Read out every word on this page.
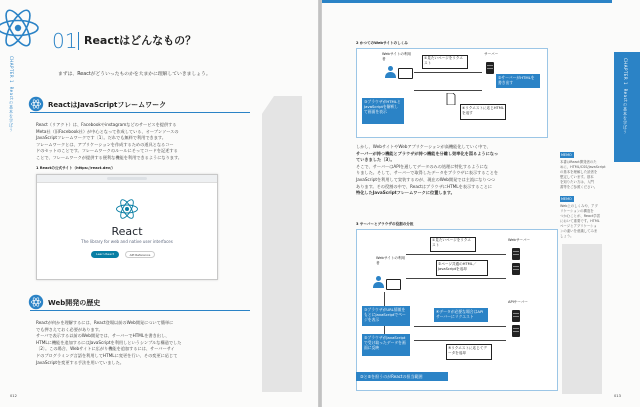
CHAPTER 1  Reactの基本を学ぼう
01 Reactはどんなもの？
まずは、Reactがどういったものかを大まかに理解していきましょう。
ReactはJavaScriptフレームワーク
React（リアクト）は、Facebookやinstagramなどのサービスを提供する
Meta社（旧Facebook社）が中心となって作成している、オープンソースの
JavaScriptフレームワークです〔1〕。だれでも無料で利用できます。
フレームワークとは、アプリケーションを作成するための道具となるコー
ドのセットのことです。フレームワークのルールにそってコードを記述する
ことで、フレームワークが提供する便利な機能を利用できるようになります。
1 Reactの公式サイト（https://react.dev/）
React
The library for web and native user interfaces
Learn React	API Reference
Web開発の歴史
Reactが何かを理解するには、React登場以前のWeb開発について簡単に
でも押さえておく必要があります。
サーバで表示する以前のWeb開発では、サーバーでHTMLを書き出し、
HTMLに機能を追加するにはJavaScriptを利用しというシンプルな構造でした
〔2〕。この場合、Webサイトに広がり機能を追加するには、サーバーサイ
ドのプログラミング言語を利用してHTMLに変更を行い、その変更に応じて
JavaScriptを変更する手法を用いていました。
012
CHAPTER 1  Reactの基本を学ぼう
2 かつてのWebサイトのしくみ
Webサイトの利用者
サーバー
①見たいページをリクエスト
②サーバーがHTMLを書き出す
③ブラウザがHTMLとJavaScriptを解釈して画面を表示
④リクエストに応じHTMLを返す
しかし、WebサイトやWebアプリケーションが高機能化していく中で、
サーバーが持つ機能とブラウザが持つ機能を分離し効率化を図るようになっ
ていきました〔3〕。
そこで、サーバーはAPIを通してデータのみの処理に特化するようにな
りました。そして、サーバーで取得したデータをブラウザに表示することを
JavaScriptを利用して実装するのが、現在のWeb開発では主流になりつつ
あります。その役割の中で、ReactはブラウザにHTMLを表示することに
特化したJavaScriptフレームワークに位置します。
3 サーバーとブラウザの役割の分担
Webサイトの利用者
Webサーバー
APIサーバー
①見たいページをリクエスト
②ページ共通のHTML／JavaScriptを返却
③ブラウザがURL情報をもとにJavaScriptでページを表示
④データが必要な場合はAPIサーバーにリクエスト
⑤ブラウザがJavaScriptで受け取ったデータを画面に反映	⑤リクエストに応じてデータを返却
③と⑤を担うのがReactの担当範囲
MEMO
本書はReact開発者のた
めに、HTML/CSS/JavaScript
の基本を理解した読者を
想定しています。基本
を知りたい方は、入門
書等をご参照ください。
MEMO
Web上のしくみや、アプ
リケーションの構造を
つかむことが、React学習
において重要です。HTML
ページとアプリケーショ
ンの違いを意識してみま
しょう。
013
